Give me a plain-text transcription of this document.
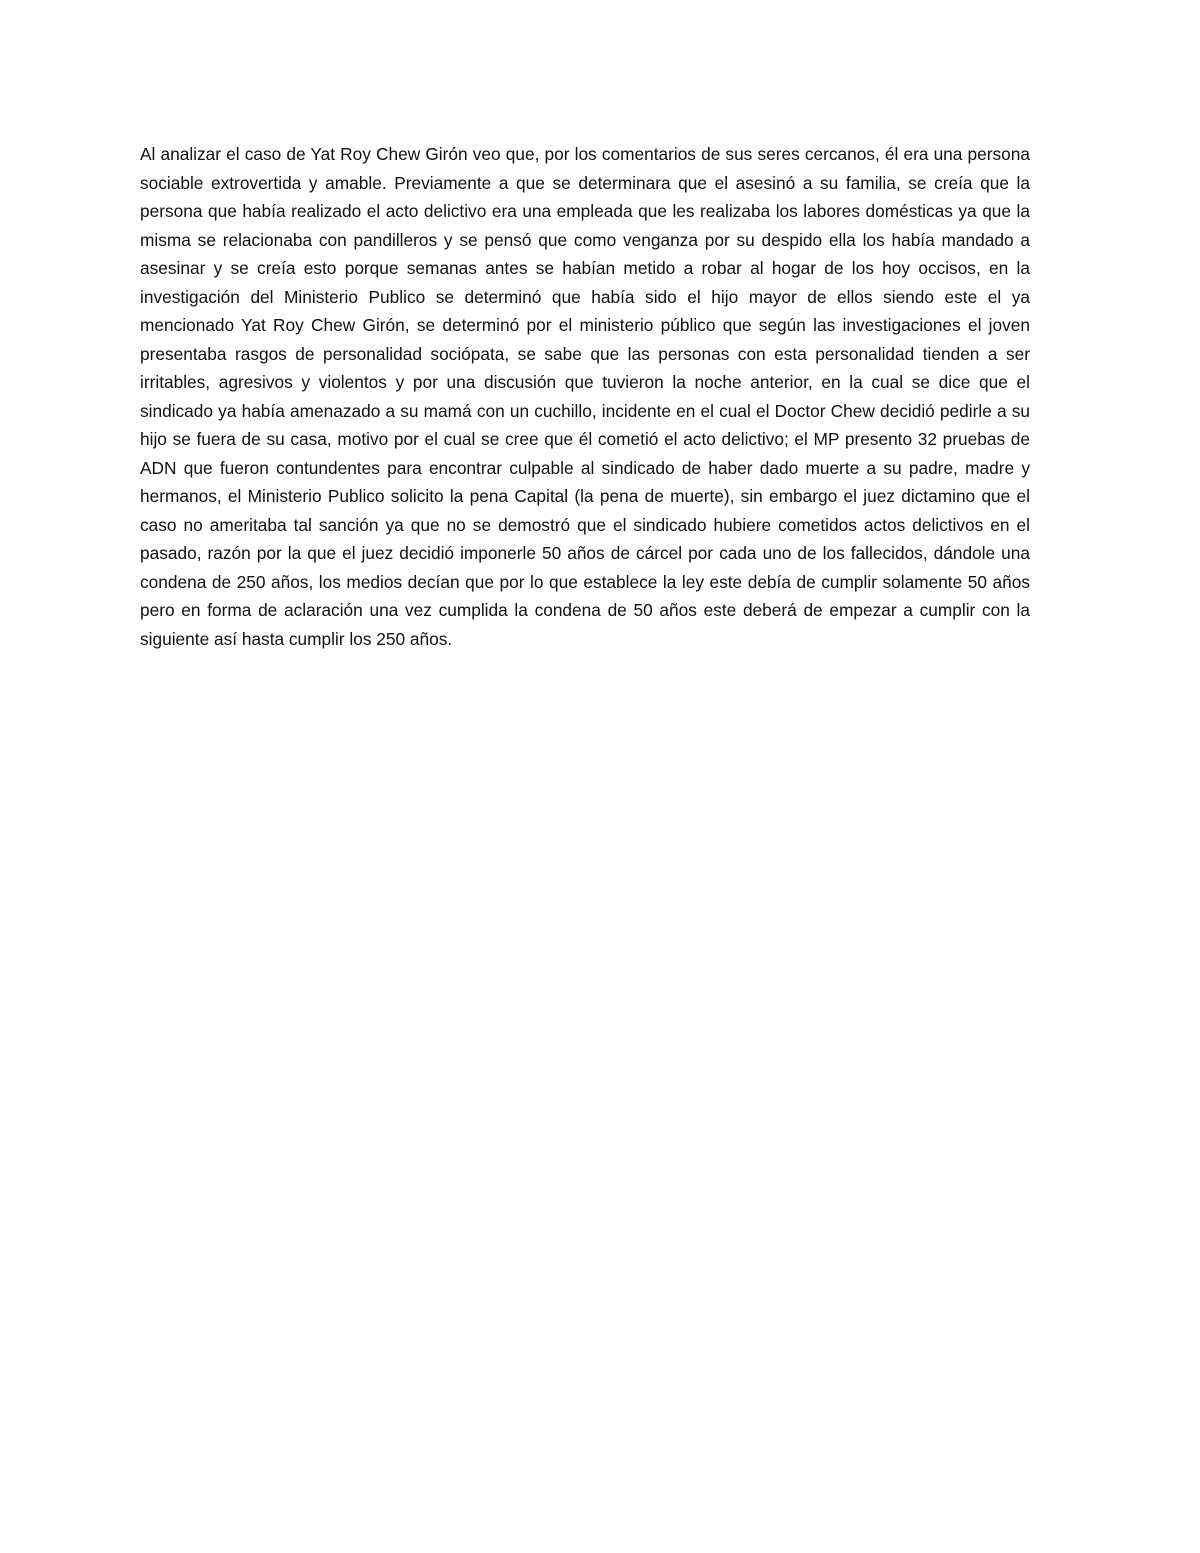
Al analizar el caso de Yat Roy Chew Girón veo que, por los comentarios de sus seres cercanos, él era una persona sociable extrovertida y amable. Previamente a que se determinara que el asesinó a su familia, se creía que la persona que había realizado el acto delictivo era una empleada que les realizaba los labores domésticas ya que la misma se relacionaba con pandilleros y se pensó que como venganza por su despido ella los había mandado a asesinar y se creía esto porque semanas antes se habían metido a robar al hogar de los hoy occisos, en la investigación del Ministerio Publico se determinó que había sido el hijo mayor de ellos siendo este el ya mencionado Yat Roy Chew Girón, se determinó por el ministerio público que según las investigaciones el joven presentaba rasgos de personalidad sociópata, se sabe que las personas con esta personalidad tienden a ser irritables, agresivos y violentos y por una discusión que tuvieron la noche anterior, en la cual se dice que el sindicado ya había amenazado a su mamá con un cuchillo, incidente en el cual el Doctor Chew decidió pedirle a su hijo se fuera de su casa, motivo por el cual se cree que él cometió el acto delictivo; el MP presento 32 pruebas de ADN que fueron contundentes para encontrar culpable al sindicado de haber dado muerte a su padre, madre y hermanos, el Ministerio Publico solicito la pena Capital (la pena de muerte), sin embargo el juez dictamino que el caso no ameritaba tal sanción ya que no se demostró que el sindicado hubiere cometidos actos delictivos en el pasado, razón por la que el juez decidió imponerle 50 años de cárcel por cada uno de los fallecidos, dándole una condena de 250 años, los medios decían que por lo que establece la ley este debía de cumplir solamente 50 años pero en forma de aclaración una vez cumplida la condena de 50 años este deberá de empezar a cumplir con la siguiente así hasta cumplir los 250 años.
